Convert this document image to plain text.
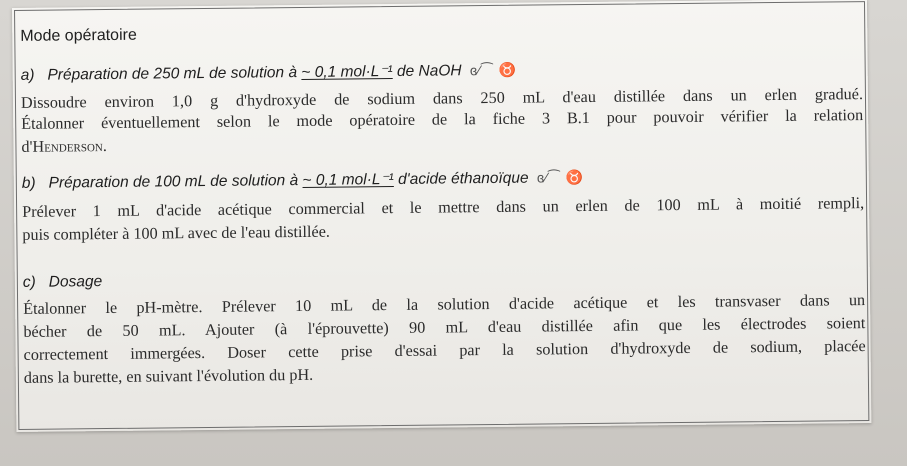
Mode opératoire
a) Préparation de 250 mL de solution à ~ 0,1 mol·L⁻¹ de NaOH ɞ⁄⁀ ♉
Dissoudre environ 1,0 g d'hydroxyde de sodium dans 250 mL d'eau distillée dans un erlen gradué.
Étalonner éventuellement selon le mode opératoire de la fiche 3 B.1 pour pouvoir vérifier la relation
d'Henderson.
b) Préparation de 100 mL de solution à ~ 0,1 mol·L⁻¹ d'acide éthanoïque ɞ⁄⁀ ♉
Prélever 1 mL d'acide acétique commercial et le mettre dans un erlen de 100 mL à moitié rempli,
puis compléter à 100 mL avec de l'eau distillée.
c) Dosage
Étalonner le pH-mètre. Prélever 10 mL de la solution d'acide acétique et les transvaser dans un
bécher de 50 mL. Ajouter (à l'éprouvette) 90 mL d'eau distillée afin que les électrodes soient
correctement immergées. Doser cette prise d'essai par la solution d'hydroxyde de sodium, placée
dans la burette, en suivant l'évolution du pH.
